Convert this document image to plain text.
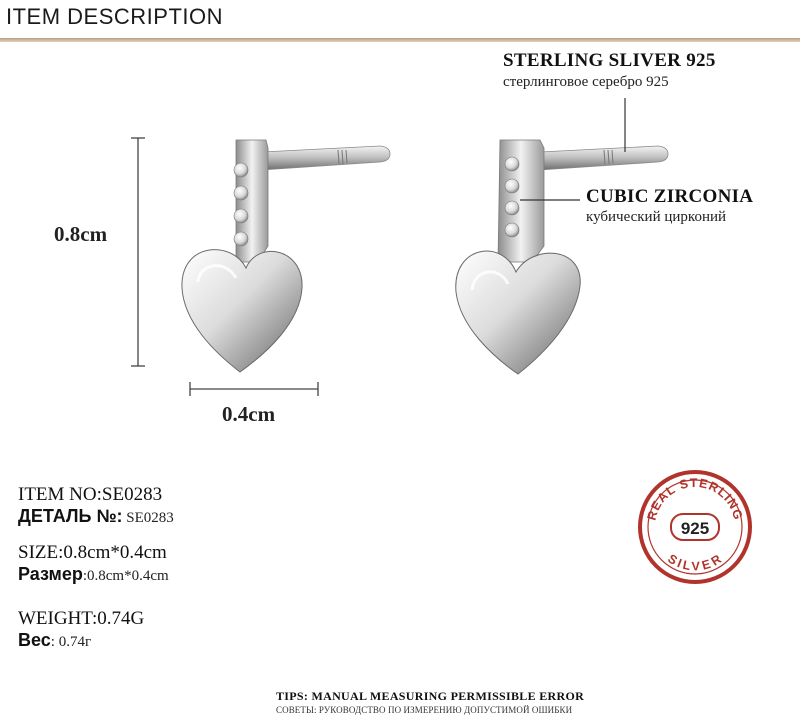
ITEM DESCRIPTION
0.8cm
0.4cm
STERLING SLIVER 925
стерлинговое серебро 925
CUBIC ZIRCONIA
кубический цирконий
ITEM NO:SE0283
ДЕТАЛЬ №: SE0283
SIZE:0.8cm*0.4cm
Размер:0.8cm*0.4cm
WEIGHT:0.74G
Вес: 0.74г
REAL STERLING
SILVER
925
TIPS: MANUAL MEASURING PERMISSIBLE ERROR
СОВЕТЫ: РУКОВОДСТВО ПО ИЗМЕРЕНИЮ ДОПУСТИМОЙ ОШИБКИ
